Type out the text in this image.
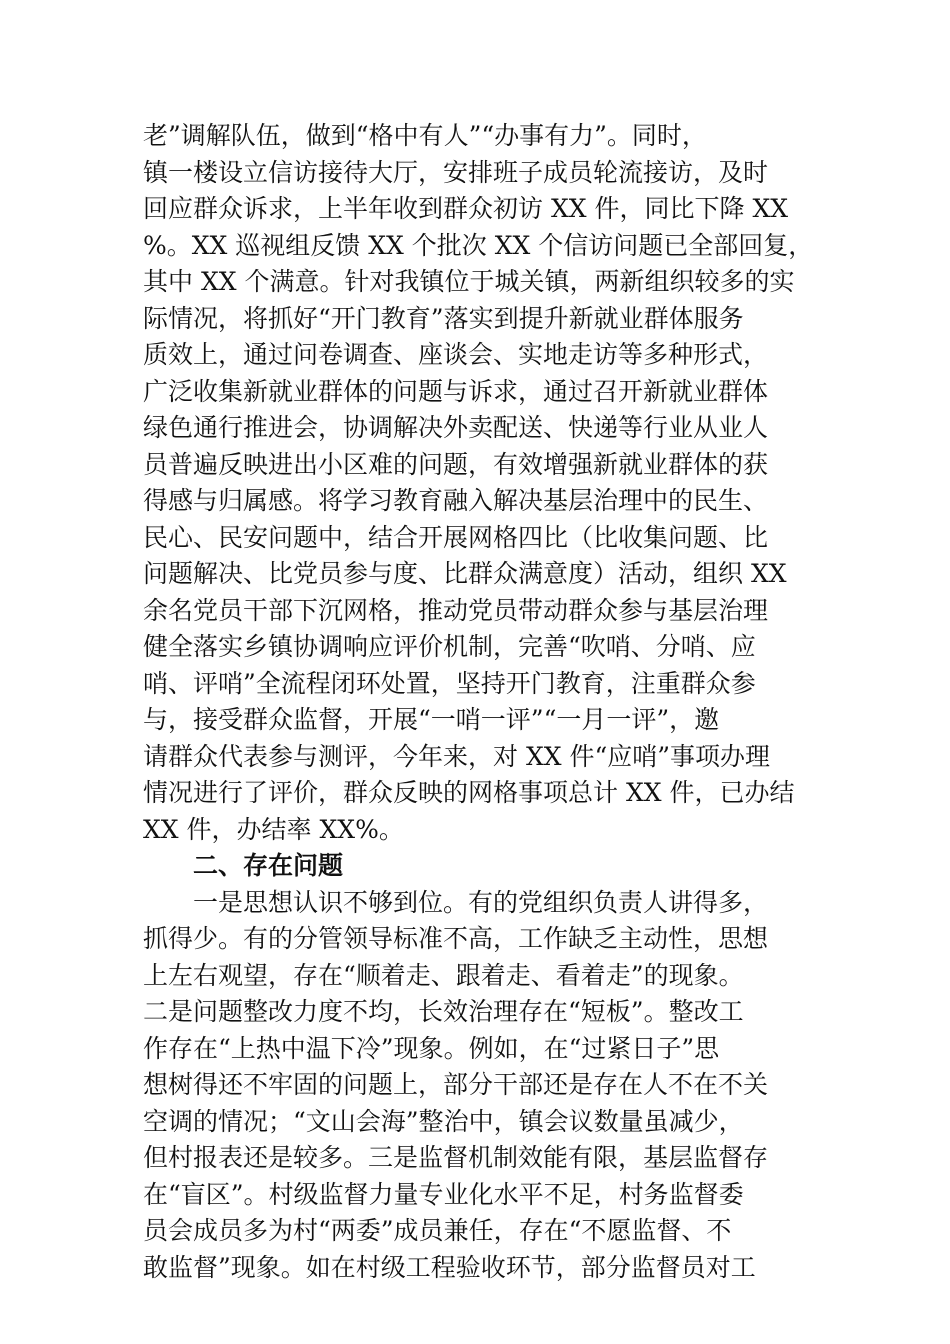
老”调解队伍，做到“格中有人”“办事有力”。同时，
镇一楼设立信访接待大厅，安排班子成员轮流接访，及时
回应群众诉求，上半年收到群众初访 XX 件，同比下降 XX
%。XX 巡视组反馈 XX 个批次 XX 个信访问题已全部回复，
其中 XX 个满意。针对我镇位于城关镇，两新组织较多的实
际情况，将抓好“开门教育”落实到提升新就业群体服务
质效上，通过问卷调查、座谈会、实地走访等多种形式，
广泛收集新就业群体的问题与诉求，通过召开新就业群体
绿色通行推进会，协调解决外卖配送、快递等行业从业人
员普遍反映进出小区难的问题，有效增强新就业群体的获
得感与归属感。将学习教育融入解决基层治理中的民生、
民心、民安问题中，结合开展网格四比（比收集问题、比
问题解决、比党员参与度、比群众满意度）活动，组织 XX
余名党员干部下沉网格，推动党员带动群众参与基层治理
健全落实乡镇协调响应评价机制，完善“吹哨、分哨、应
哨、评哨”全流程闭环处置，坚持开门教育，注重群众参
与，接受群众监督，开展“一哨一评”“一月一评”，邀
请群众代表参与测评，今年来，对 XX 件“应哨”事项办理
情况进行了评价，群众反映的网格事项总计 XX 件，已办结
XX 件，办结率 XX%。
二、存在问题
一是思想认识不够到位。有的党组织负责人讲得多，
抓得少。有的分管领导标准不高，工作缺乏主动性，思想
上左右观望，存在“顺着走、跟着走、看着走”的现象。
二是问题整改力度不均，长效治理存在“短板”。整改工
作存在“上热中温下冷”现象。例如，在“过紧日子”思
想树得还不牢固的问题上，部分干部还是存在人不在不关
空调的情况；“文山会海”整治中，镇会议数量虽减少，
但村报表还是较多。三是监督机制效能有限，基层监督存
在“盲区”。村级监督力量专业化水平不足，村务监督委
员会成员多为村“两委”成员兼任，存在“不愿监督、不
敢监督”现象。如在村级工程验收环节，部分监督员对工
